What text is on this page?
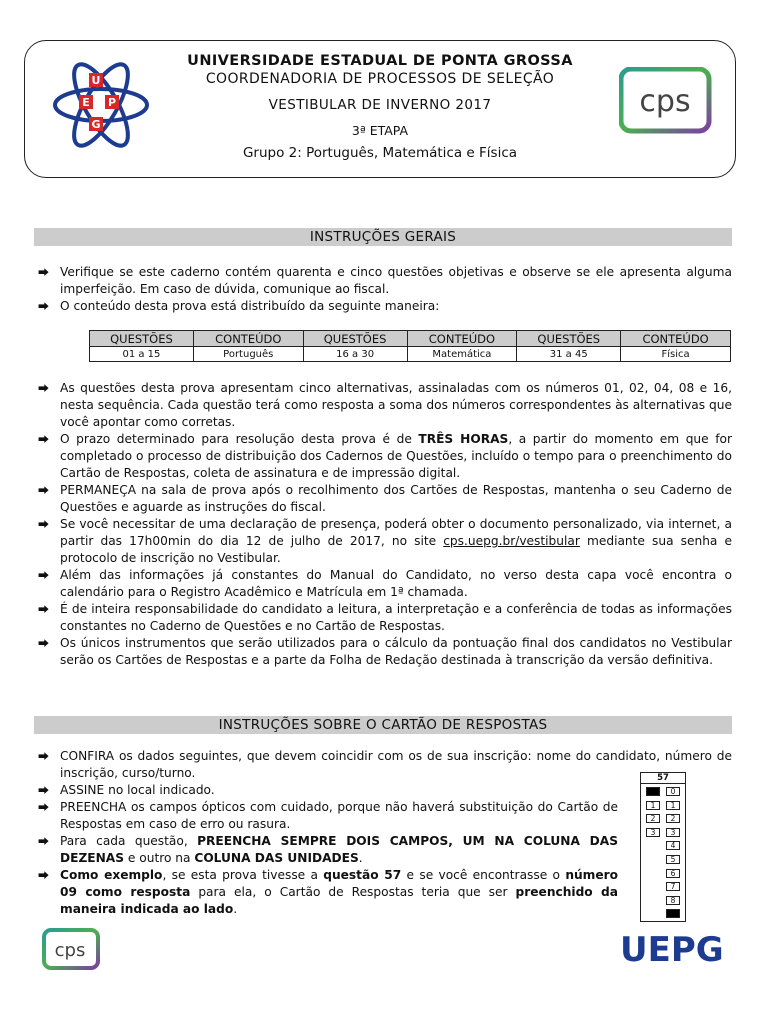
U
E P
G
UNIVERSIDADE ESTADUAL DE PONTA GROSSA
COORDENADORIA DE PROCESSOS DE SELEÇÃO
VESTIBULAR DE INVERNO 2017
3ª ETAPA
Grupo 2: Português, Matemática e Física
cps
INSTRUÇÕES GERAIS
⮕ Verifique se este caderno contém quarenta e cinco questões objetivas e observe se ele apresenta alguma imperfeição. Em caso de dúvida, comunique ao fiscal.
⮕ O conteúdo desta prova está distribuído da seguinte maneira:
QUESTÕES	CONTEÚDO	QUESTÕES	CONTEÚDO	QUESTÕES	CONTEÚDO
01 a 15	Português	16 a 30	Matemática	31 a 45	Física
⮕ As questões desta prova apresentam cinco alternativas, assinaladas com os números 01, 02, 04, 08 e 16, nesta sequência. Cada questão terá como resposta a soma dos números correspondentes às alternativas que você apontar como corretas.
⮕ O prazo determinado para resolução desta prova é de TRÊS HORAS, a partir do momento em que for completado o processo de distribuição dos Cadernos de Questões, incluído o tempo para o preenchimento do Cartão de Respostas, coleta de assinatura e de impressão digital.
⮕ PERMANEÇA na sala de prova após o recolhimento dos Cartões de Respostas, mantenha o seu Caderno de Questões e aguarde as instruções do fiscal.
⮕ Se você necessitar de uma declaração de presença, poderá obter o documento personalizado, via internet, a partir das 17h00min do dia 12 de julho de 2017, no site cps.uepg.br/vestibular mediante sua senha e protocolo de inscrição no Vestibular.
⮕ Além das informações já constantes do Manual do Candidato, no verso desta capa você encontra o calendário para o Registro Acadêmico e Matrícula em 1ª chamada.
⮕ É de inteira responsabilidade do candidato a leitura, a interpretação e a conferência de todas as informações constantes no Caderno de Questões e no Cartão de Respostas.
⮕ Os únicos instrumentos que serão utilizados para o cálculo da pontuação final dos candidatos no Vestibular serão os Cartões de Respostas e a parte da Folha de Redação destinada à transcrição da versão definitiva.
INSTRUÇÕES SOBRE O CARTÃO DE RESPOSTAS
⮕ CONFIRA os dados seguintes, que devem coincidir com os de sua inscrição: nome do candidato, número de inscrição, curso/turno.
⮕ ASSINE no local indicado.
⮕ PREENCHA os campos ópticos com cuidado, porque não haverá substituição do Cartão de Respostas em caso de erro ou rasura.
⮕ Para cada questão, PREENCHA SEMPRE DOIS CAMPOS, UM NA COLUNA DAS DEZENAS e outro na COLUNA DAS UNIDADES.
⮕ Como exemplo, se esta prova tivesse a questão 57 e se você encontrasse o número 09 como resposta para ela, o Cartão de Respostas teria que ser preenchido da maneira indicada ao lado.
57
1
2
3
0
1
2
3
4
5
6
7
8
cps	UEPG
